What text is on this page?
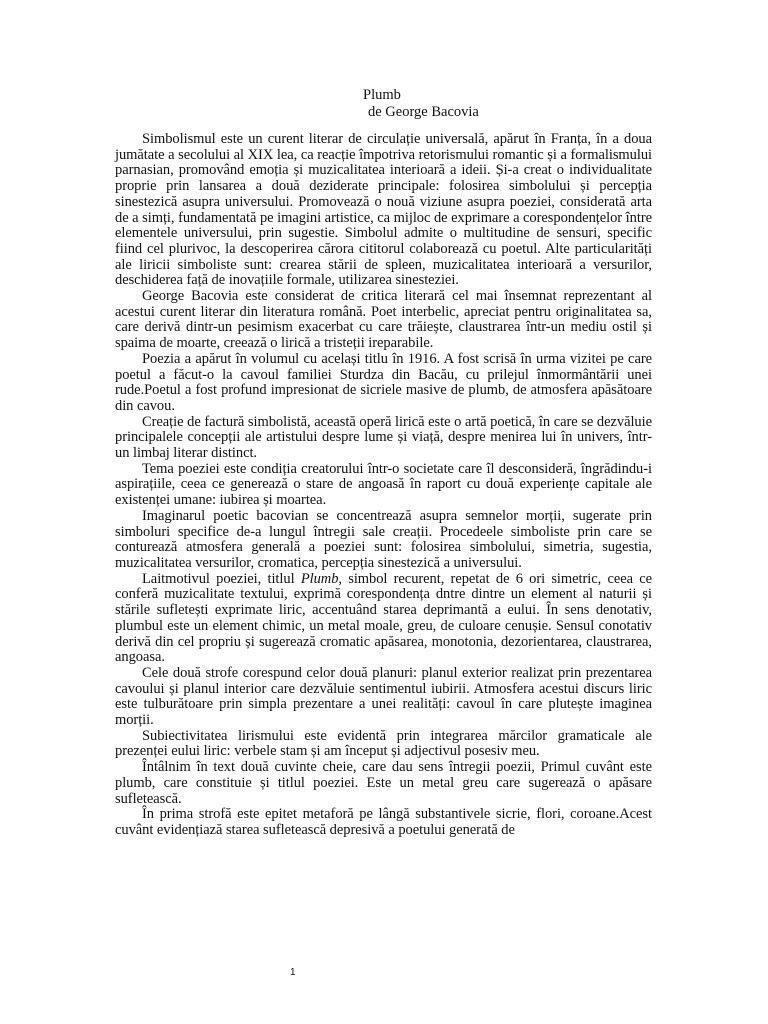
Plumb
de George Bacovia

Simbolismul este un curent literar de circulație universală, apărut în Franța, în a doua jumătate a secolului al XIX lea, ca reacție împotriva retorismului romantic și a formalismului parnasian, promovând emoția și muzicalitatea interioară a ideii. Și-a creat o individualitate proprie prin lansarea a două deziderate principale: folosirea simbolului și percepția sinestezică asupra universului. Promovează o nouă viziune asupra poeziei, considerată arta de a simți, fundamentată pe imagini artistice, ca mijloc de exprimare a corespondențelor între elementele universului, prin sugestie. Simbolul admite o multitudine de sensuri, specific fiind cel plurivoc, la descoperirea cărora cititorul colaborează cu poetul. Alte particularități ale liricii simboliste sunt: crearea stării de spleen, muzicalitatea interioară a versurilor, deschiderea față de inovațiile formale, utilizarea sinesteziei.

George Bacovia este considerat de critica literară cel mai însemnat reprezentant al acestui curent literar din literatura română. Poet interbelic, apreciat pentru originalitatea sa, care derivă dintr-un pesimism exacerbat cu care trăiește, claustrarea într-un mediu ostil și spaima de moarte, creează o lirică a tristeții ireparabile.

Poezia a apărut în volumul cu același titlu în 1916. A fost scrisă în urma vizitei pe care poetul a făcut-o la cavoul familiei Sturdza din Bacău, cu prilejul înmormântării unei rude.Poetul a fost profund impresionat de sicriele masive de plumb, de atmosfera apăsătoare din cavou.

Creație de factură simbolistă, această operă lirică este o artă poetică, în care se dezvăluie principalele concepții ale artistului despre lume și viață, despre menirea lui în univers, într-un limbaj literar distinct.

Tema poeziei este condiția creatorului într-o societate care îl desconsideră, îngrădindu-i aspirațiile, ceea ce generează o stare de angoasă în raport cu două experiențe capitale ale existenței umane: iubirea și moartea.

Imaginarul poetic bacovian se concentrează asupra semnelor morții, sugerate prin simboluri specifice de-a lungul întregii sale creații. Procedeele simboliste prin care se conturează atmosfera generală a poeziei sunt: folosirea simbolului, simetria, sugestia, muzicalitatea versurilor, cromatica, percepția sinestezică a universului.

Laitmotivul poeziei, titlul Plumb, simbol recurent, repetat de 6 ori simetric, ceea ce conferă muzicalitate textului, exprimă corespondența dntre dintre un element al naturii și stările sufletești exprimate liric, accentuând starea deprimantă a eului. În sens denotativ, plumbul este un element chimic, un metal moale, greu, de culoare cenușie. Sensul conotativ derivă din cel propriu și sugerează cromatic apăsarea, monotonia, dezorientarea, claustrarea, angoasa.

Cele două strofe corespund celor două planuri: planul exterior realizat prin prezentarea cavoului și planul interior care dezvăluie sentimentul iubirii. Atmosfera acestui discurs liric este tulburătoare prin simpla prezentare a unei realități: cavoul în care plutește imaginea morții.

Subiectivitatea lirismului este evidentă prin integrarea mărcilor gramaticale ale prezenței eului liric: verbele stam și am început și adjectivul posesiv meu.

Întâlnim în text două cuvinte cheie, care dau sens întregii poezii, Primul cuvânt este plumb, care constituie și titlul poeziei. Este un metal greu care sugerează o apăsare sufletească.

În prima strofă este epitet metaforă pe lângă substantivele sicrie, flori, coroane.Acest cuvânt evidențiază starea sufletească depresivă a poetului generată de

1
